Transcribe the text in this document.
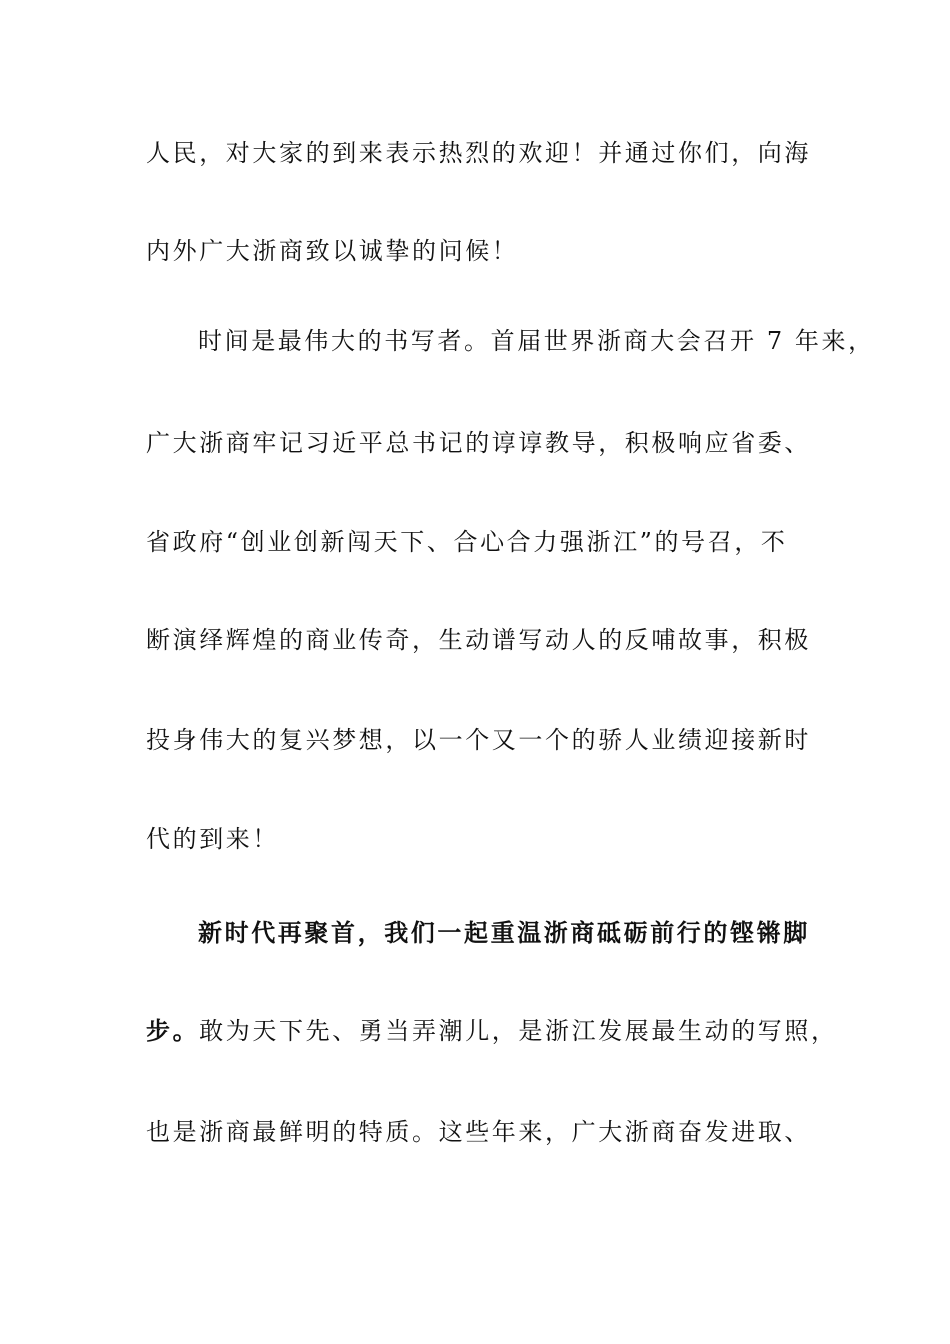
人民，对大家的到来表示热烈的欢迎！并通过你们，向海
内外广大浙商致以诚挚的问候！
时间是最伟大的书写者。首届世界浙商大会召开 7 年来，
广大浙商牢记习近平总书记的谆谆教导，积极响应省委、
省政府“创业创新闯天下、合心合力强浙江”的号召，不
断演绎辉煌的商业传奇，生动谱写动人的反哺故事，积极
投身伟大的复兴梦想，以一个又一个的骄人业绩迎接新时
代的到来！
新时代再聚首，我们一起重温浙商砥砺前行的铿锵脚
步。敢为天下先、勇当弄潮儿，是浙江发展最生动的写照，
也是浙商最鲜明的特质。这些年来，广大浙商奋发进取、
